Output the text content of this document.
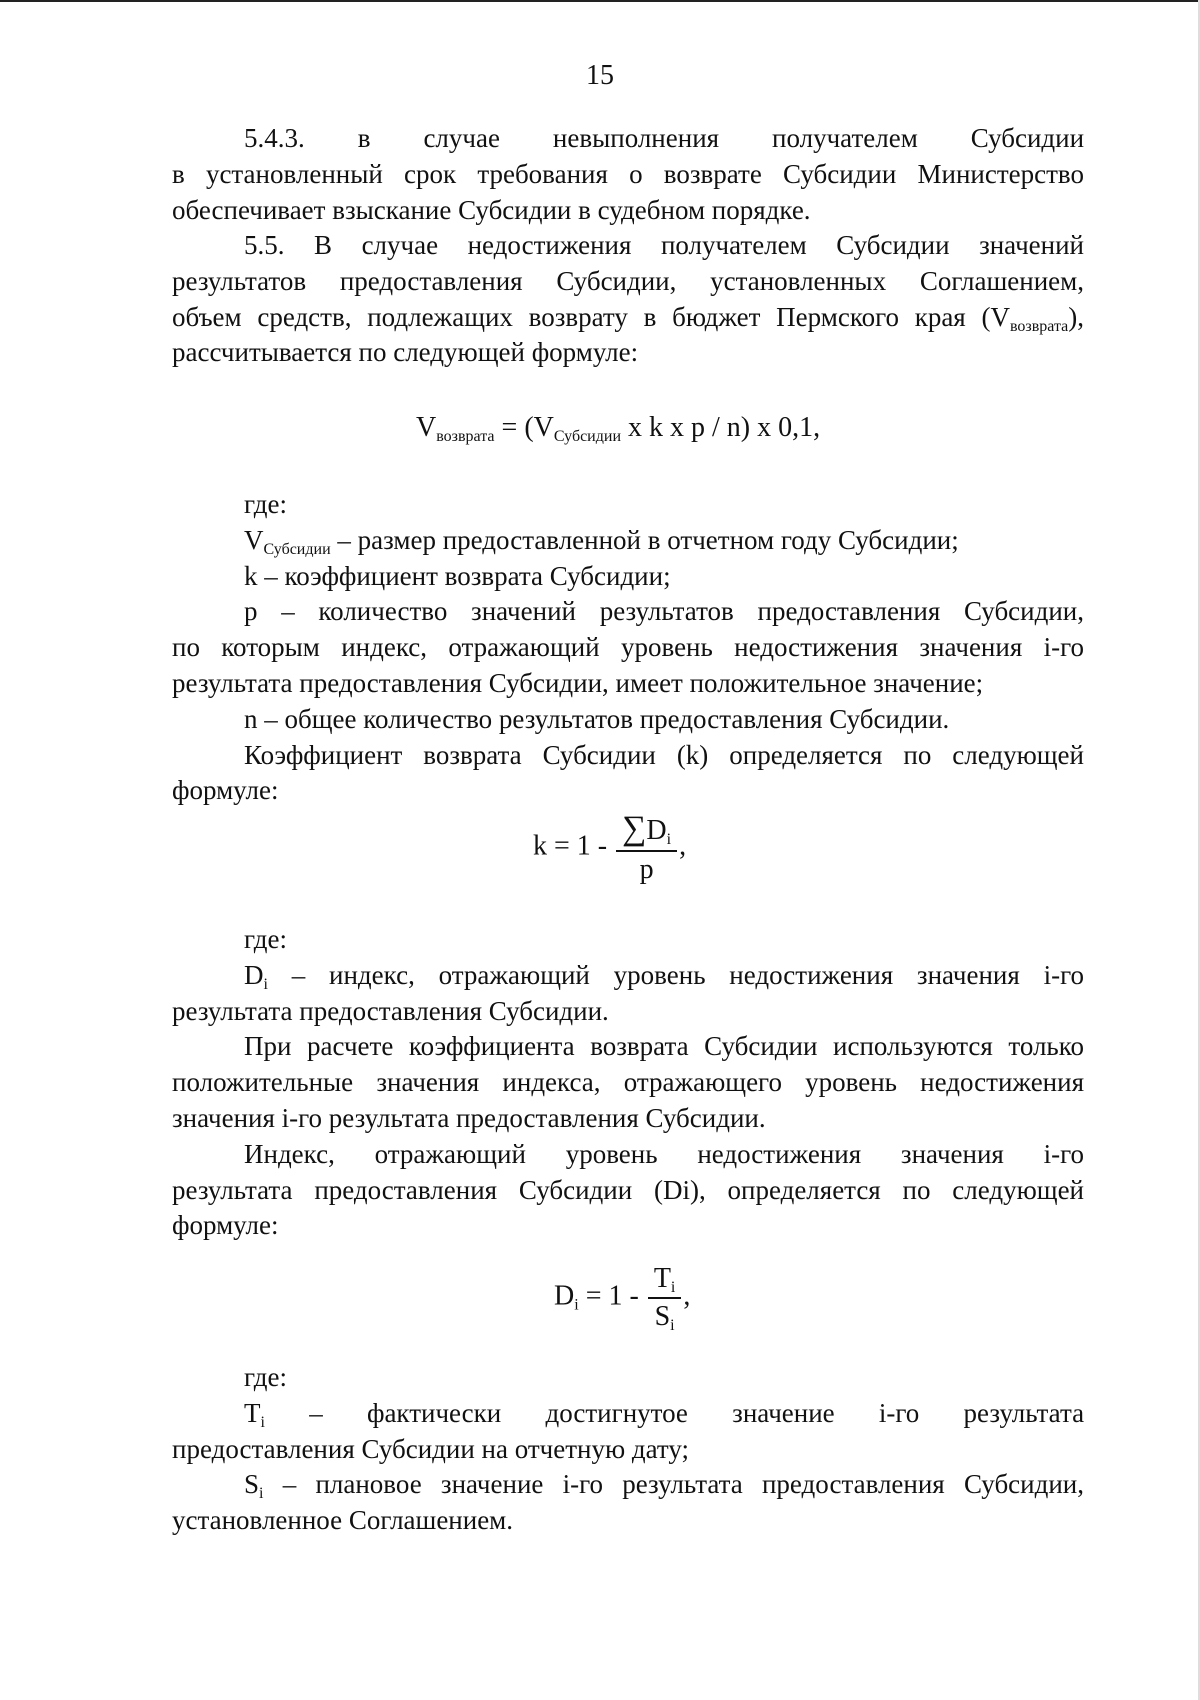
15
5.4.3. в случае невыполнения получателем Субсидии
в установленный срок требования о возврате Субсидии Министерство
обеспечивает взыскание Субсидии в судебном порядке.
5.5. В случае недостижения получателем Субсидии значений
результатов предоставления Субсидии, установленных Соглашением,
объем средств, подлежащих возврату в бюджет Пермского края $(V_{возврата})$,
рассчитывается по следующей формуле:
$V_{возврата} = (V_{Субсидии}$ x k x p / n) x 0,1,
где:
$V_{Субсидии}$ – размер предоставленной в отчетном году Субсидии;
k – коэффициент возврата Субсидии;
p – количество значений результатов предоставления Субсидии,
по которым индекс, отражающий уровень недостижения значения i-го
результата предоставления Субсидии, имеет положительное значение;
n – общее количество результатов предоставления Субсидии.
Коэффициент возврата Субсидии (k) определяется по следующей
формуле:
$k = 1 - \frac{\sum D_i}{p}$ ,
где:
$D_i$ – индекс, отражающий уровень недостижения значения i-го
результата предоставления Субсидии.
При расчете коэффициента возврата Субсидии используются только
положительные значения индекса, отражающего уровень недостижения
значения i-го результата предоставления Субсидии.
Индекс, отражающий уровень недостижения значения i-го
результата предоставления Субсидии (Di), определяется по следующей
формуле:
$D_i = 1 - \frac{T_i}{S_i}$ ,
где:
$T_i$ – фактически достигнутое значение i-го результата
предоставления Субсидии на отчетную дату;
$S_i$ – плановое значение i-го результата предоставления Субсидии,
установленное Соглашением.
